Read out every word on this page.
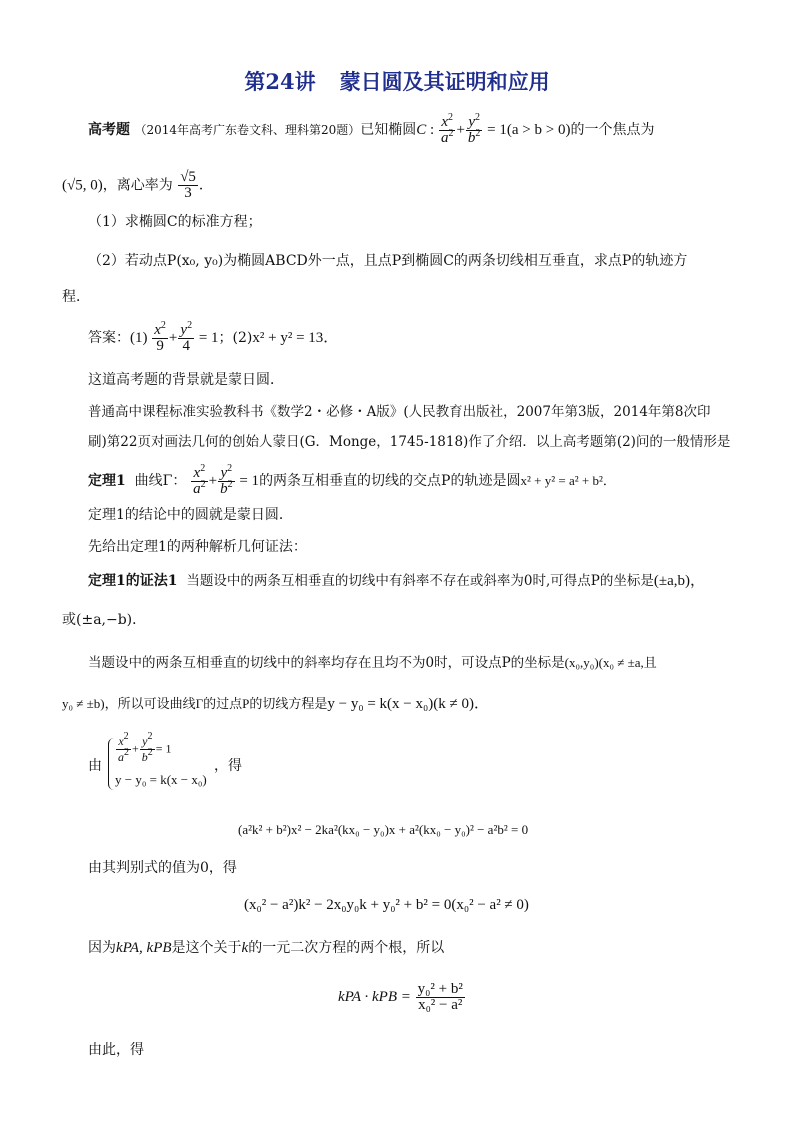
第24讲 蒙日圆及其证明和应用
高考题 （2014年高考广东卷文科、理科第20题）已知椭圆C : $\frac{x^2}{a^2} + \frac{y^2}{b^2} = 1(a > b > 0)$的一个焦点为
(√5, 0)，离心率为 $\frac{√5}{3}$ ．
（1）求椭圆C的标准方程；
（2）若动点P(x₀, y₀)为椭圆ABCD外一点，且点P到椭圆C的两条切线相互垂直，求点P的轨迹方
程．
答案：$(1) \frac{x^2}{9} + \frac{y^2}{4} = 1$；(2)x² + y² = 13．
这道高考题的背景就是蒙日圆．
普通高中课程标准实验教科书《数学2・必修・A版》(人民教育出版社，2007年第3版，2014年第8次印
刷)第22页对画法几何的创始人蒙日(G．Monge，1745-1818)作了介绍．以上高考题第(2)问的一般情形是
定理1 曲线Γ： $\frac{x^2}{a^2} + \frac{y^2}{b^2} = 1$的两条互相垂直的切线的交点P的轨迹是圆x² + y² = a² + b²．
定理1的结论中的圆就是蒙日圆．
先给出定理1的两种解析几何证法：
定理1的证法1 当题设中的两条互相垂直的切线中有斜率不存在或斜率为0时,可得点P的坐标是(±a,b)，
或(±a,−b)．
当题设中的两条互相垂直的切线中的斜率均存在且均不为0时，可设点P的坐标是(x₀,y₀)(x₀ ≠ ±a,且
y₀ ≠ ±b)，所以可设曲线Γ的过点P的切线方程是y − y₀ = k(x − x₀)(k ≠ 0)．
由
$\frac{x^2}{a^2} + \frac{y^2}{b^2} = 1$
y − y₀ = k(x − x₀)
，得
(a²k² + b²)x² − 2ka²(kx₀ − y₀)x + a²(kx₀ − y₀)² − a²b² = 0
由其判别式的值为0，得
(x₀² − a²)k² − 2x₀y₀k + y₀² + b² = 0(x₀² − a² ≠ 0)
因为kPA, kPB是这个关于k的一元二次方程的两个根，所以
kPA · kPB = $\frac{\text{y₀² + b²}}{\text{x₀² − a²}}$
由此，得
